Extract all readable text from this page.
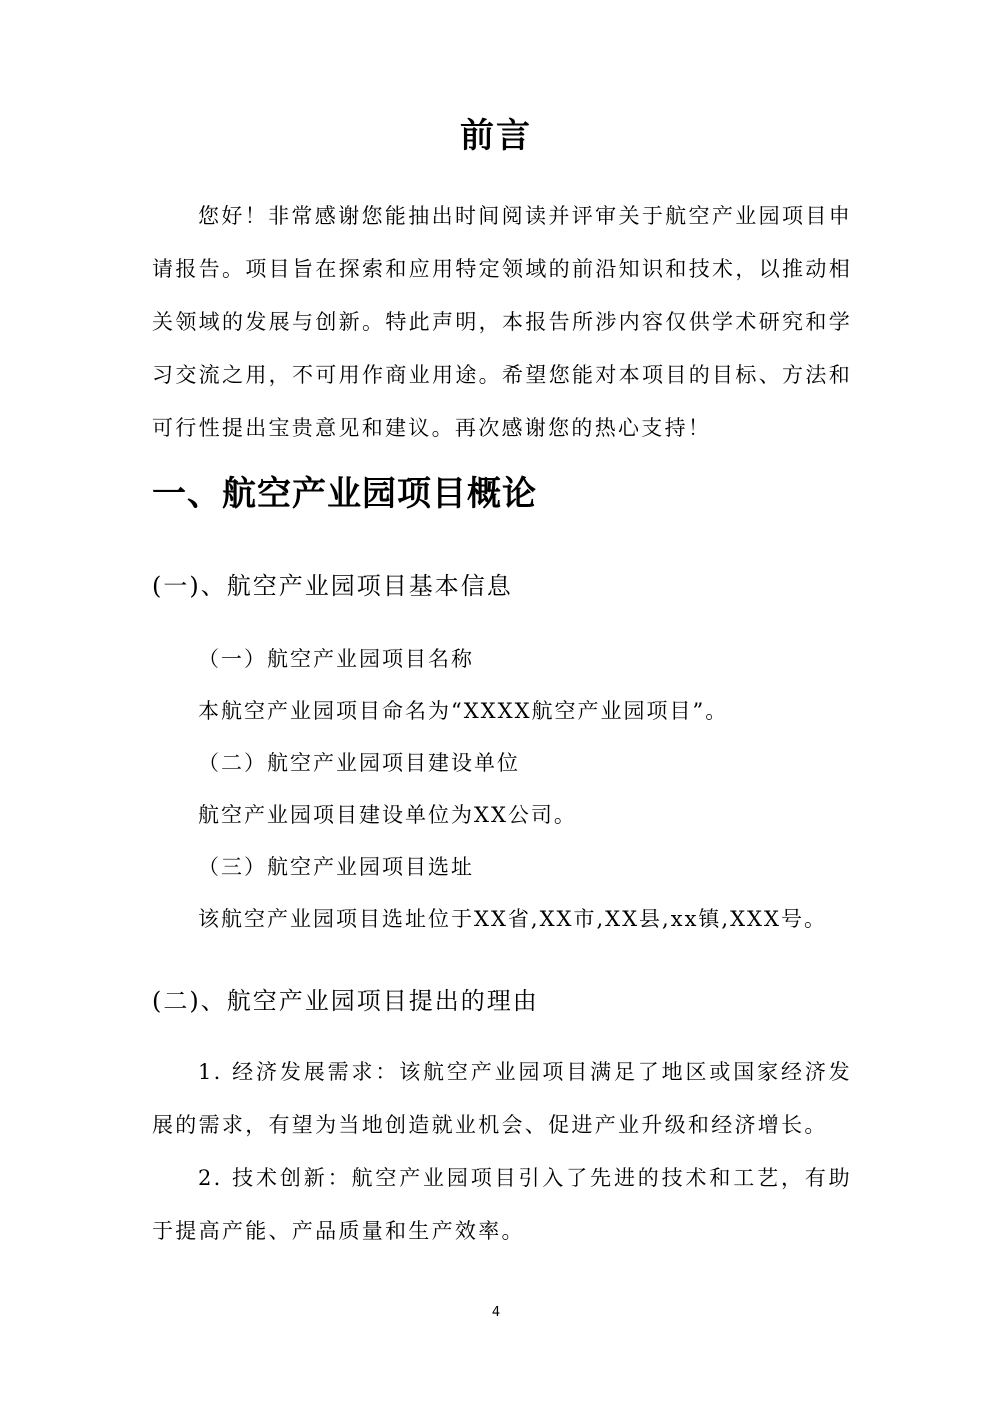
前言
您好！非常感谢您能抽出时间阅读并评审关于航空产业园项目申请报告。项目旨在探索和应用特定领域的前沿知识和技术，以推动相关领域的发展与创新。特此声明，本报告所涉内容仅供学术研究和学习交流之用，不可用作商业用途。希望您能对本项目的目标、方法和可行性提出宝贵意见和建议。再次感谢您的热心支持！
一、航空产业园项目概论
(一)、航空产业园项目基本信息
（一）航空产业园项目名称
本航空产业园项目命名为“XXXX航空产业园项目”。
（二）航空产业园项目建设单位
航空产业园项目建设单位为XX公司。
（三）航空产业园项目选址
该航空产业园项目选址位于XX省,XX市,XX县,xx镇,XXX号。
(二)、航空产业园项目提出的理由
1. 经济发展需求：该航空产业园项目满足了地区或国家经济发展的需求，有望为当地创造就业机会、促进产业升级和经济增长。
2. 技术创新：航空产业园项目引入了先进的技术和工艺，有助于提高产能、产品质量和生产效率。
4
